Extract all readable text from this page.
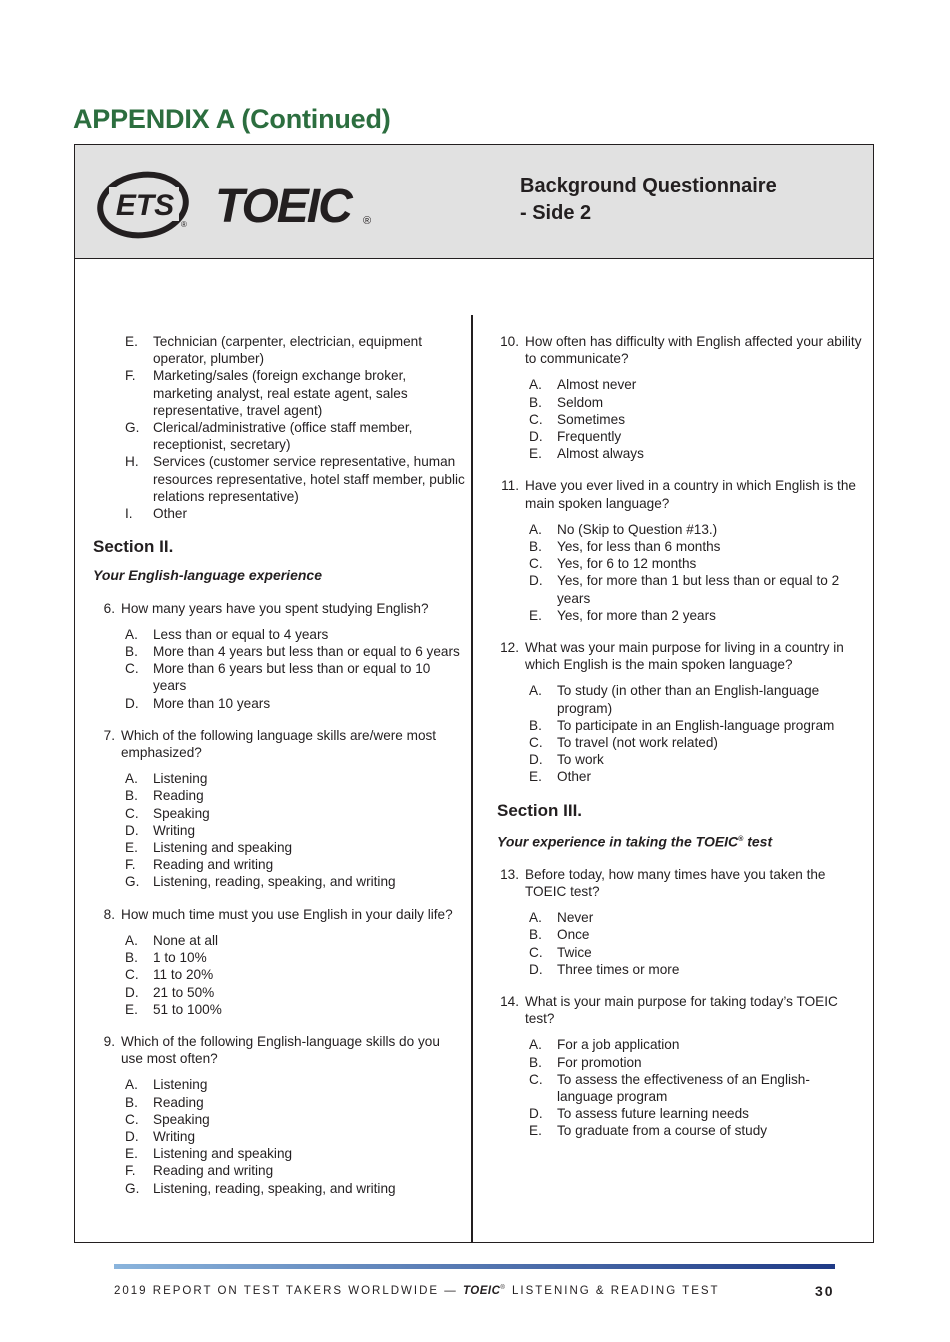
APPENDIX A (Continued)
ETS
® TOEIC	®
Background Questionnaire
- Side 2
E.	Technician (carpenter, electrician, equipment operator, plumber)
F.	Marketing/sales (foreign exchange broker, marketing analyst, real estate agent, sales representative, travel agent)
G.	Clerical/administrative (office staff member, receptionist, secretary)
H.	Services (customer service representative, human resources representative, hotel staff member, public relations representative)
I.	Other
Section II.
Your English-language experience
6. How many years have you spent studying English?
A.	Less than or equal to 4 years
B.	More than 4 years but less than or equal to 6 years
C.	More than 6 years but less than or equal to 10 years
D.	More than 10 years
7. Which of the following language skills are/were most emphasized?
A.	Listening
B.	Reading
C.	Speaking
D.	Writing
E.	Listening and speaking
F.	Reading and writing
G.	Listening, reading, speaking, and writing
8. How much time must you use English in your daily life?
A.	None at all
B.	1 to 10%
C.	11 to 20%
D.	21 to 50%
E.	51 to 100%
9. Which of the following English-language skills do you use most often?
A.	Listening
B.	Reading
C.	Speaking
D.	Writing
E.	Listening and speaking
F.	Reading and writing
G.	Listening, reading, speaking, and writing
10. How often has difficulty with English affected your ability to communicate?
A.	Almost never
B.	Seldom
C.	Sometimes
D.	Frequently
E.	Almost always
11. Have you ever lived in a country in which English is the main spoken language?
A.	No (Skip to Question #13.)
B.	Yes, for less than 6 months
C.	Yes, for 6 to 12 months
D.	Yes, for more than 1 but less than or equal to 2 years
E.	Yes, for more than 2 years
12. What was your main purpose for living in a country in which English is the main spoken language?
A.	To study (in other than an English-language program)
B.	To participate in an English-language program
C.	To travel (not work related)
D.	To work
E.	Other
Section III.
Your experience in taking the TOEIC® test
13. Before today, how many times have you taken the TOEIC test?
A.	Never
B.	Once
C.	Twice
D.	Three times or more
14. What is your main purpose for taking today’s TOEIC test?
A.	For a job application
B.	For promotion
C.	To assess the effectiveness of an English-language program
D.	To assess future learning needs
E.	To graduate from a course of study
2019 REPORT ON TEST TAKERS WORLDWIDE — TOEIC® LISTENING & READING TEST	30
